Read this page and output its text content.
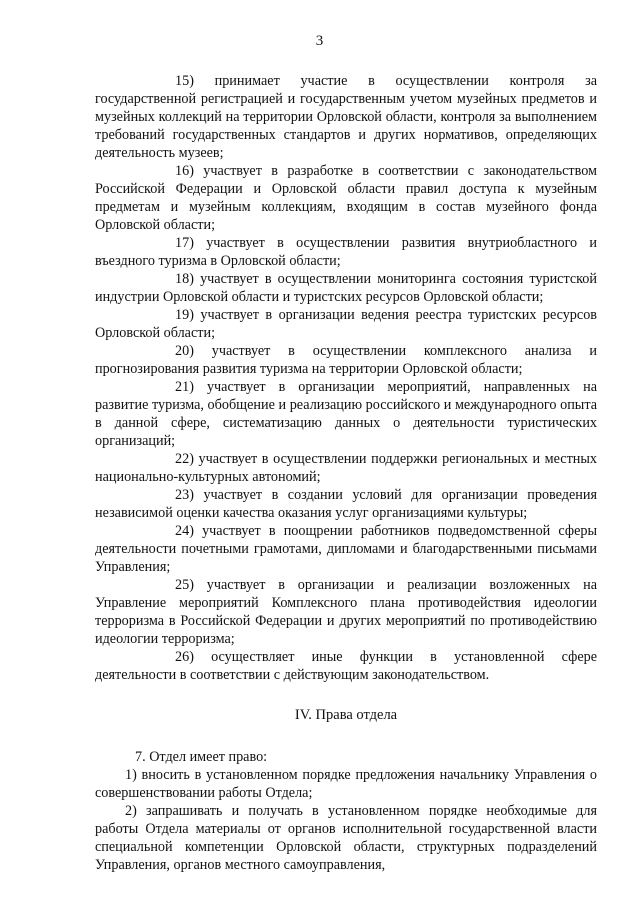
3

15) принимает участие в осуществлении контроля за государственной регистрацией и государственным учетом музейных предметов и музейных коллекций на территории Орловской области, контроля за выполнением требований государственных стандартов и других нормативов, определяющих деятельность музеев;

16) участвует в разработке в соответствии с законодательством Российской Федерации и Орловской области правил доступа к музейным предметам и музейным коллекциям, входящим в состав музейного фонда Орловской области;

17) участвует в осуществлении развития внутриобластного и въездного туризма в Орловской области;

18) участвует в осуществлении мониторинга состояния туристской индустрии Орловской области и туристских ресурсов Орловской области;

19) участвует в организации ведения реестра туристских ресурсов Орловской области;

20) участвует в осуществлении комплексного анализа и прогнозирования развития туризма на территории Орловской области;

21) участвует в организации мероприятий, направленных на развитие туризма, обобщение и реализацию российского и международного опыта в данной сфере, систематизацию данных о деятельности туристических организаций;

22) участвует в осуществлении поддержки региональных и местных национально-культурных автономий;

23) участвует в создании условий для организации проведения независимой оценки качества оказания услуг организациями культуры;

24) участвует в поощрении работников подведомственной сферы деятельности почетными грамотами, дипломами и благодарственными письмами Управления;

25) участвует в организации и реализации возложенных на Управление мероприятий Комплексного плана противодействия идеологии терроризма в Российской Федерации и других мероприятий по противодействию идеологии терроризма;

26) осуществляет иные функции в установленной сфере деятельности в соответствии с действующим законодательством.

IV. Права отдела

7. Отдел имеет право:

1) вносить в установленном порядке предложения начальнику Управления о совершенствовании работы Отдела;

2) запрашивать и получать в установленном порядке необходимые для работы Отдела материалы от органов исполнительной государственной власти специальной компетенции Орловской области, структурных подразделений Управления, органов местного самоуправления,
